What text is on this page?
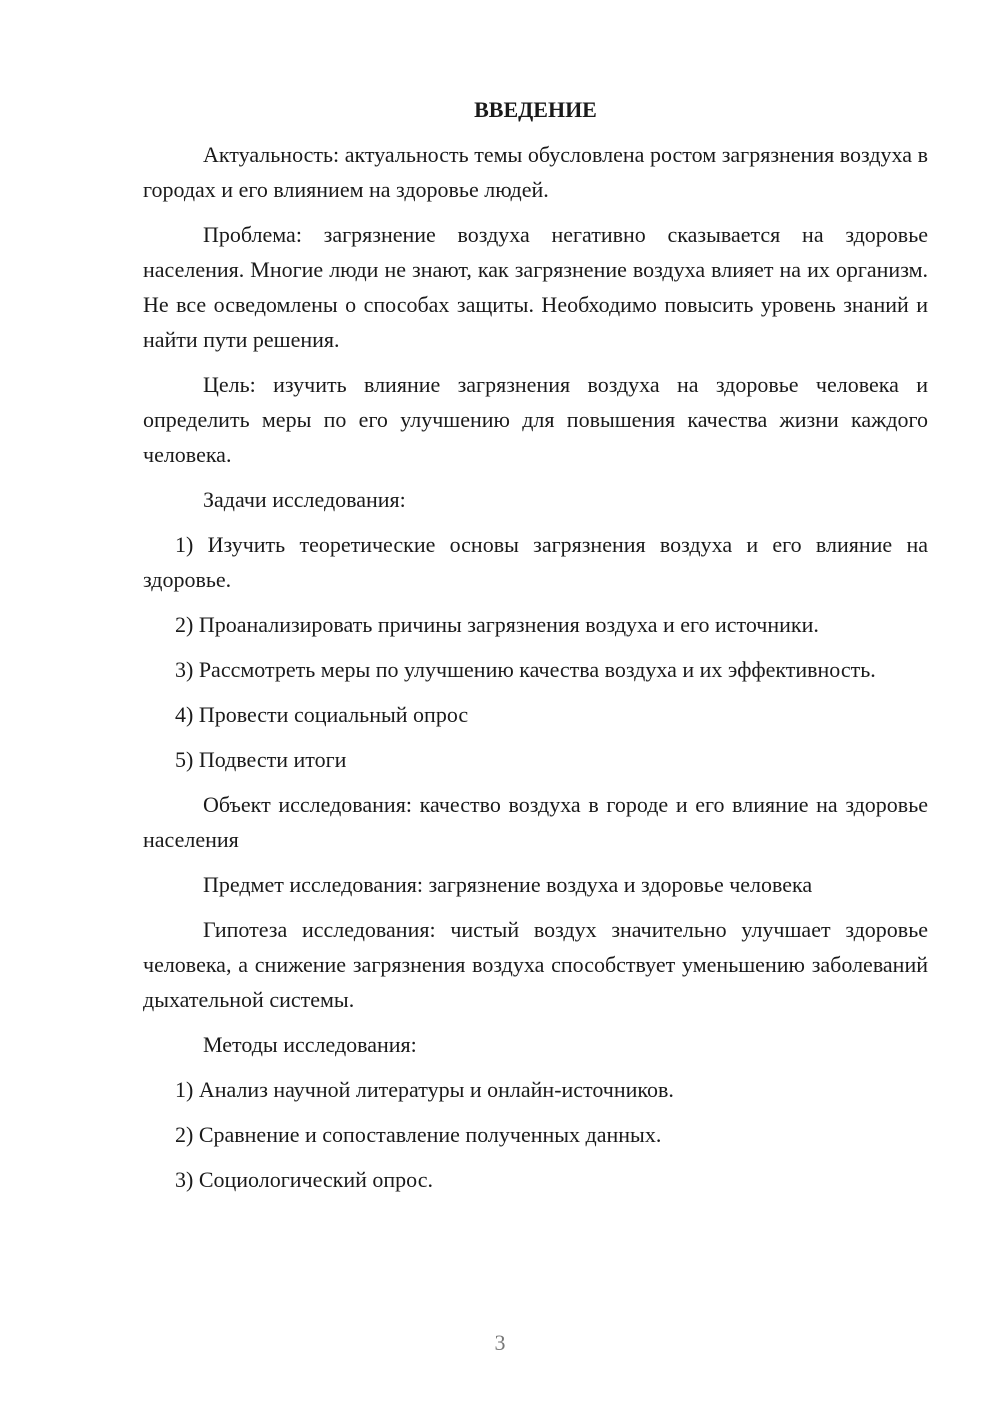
ВВЕДЕНИЕ

Актуальность: актуальность темы обусловлена ростом загрязнения воздуха в городах и его влиянием на здоровье людей.

Проблема: загрязнение воздуха негативно сказывается на здоровье населения. Многие люди не знают, как загрязнение воздуха влияет на их организм. Не все осведомлены о способах защиты. Необходимо повысить уровень знаний и найти пути решения.

Цель: изучить влияние загрязнения воздуха на здоровье человека и определить меры по его улучшению для повышения качества жизни каждого человека.

Задачи исследования:

1) Изучить теоретические основы загрязнения воздуха и его влияние на здоровье.

2) Проанализировать причины загрязнения воздуха и его источники.

3) Рассмотреть меры по улучшению качества воздуха и их эффективность.

4) Провести социальный опрос

5) Подвести итоги

Объект исследования: качество воздуха в городе и его влияние на здоровье населения

Предмет исследования: загрязнение воздуха и здоровье человека

Гипотеза исследования: чистый воздух значительно улучшает здоровье человека, а снижение загрязнения воздуха способствует уменьшению заболеваний дыхательной системы.

Методы исследования:

1) Анализ научной литературы и онлайн-источников.

2) Сравнение и сопоставление полученных данных.

3) Социологический опрос.

3
